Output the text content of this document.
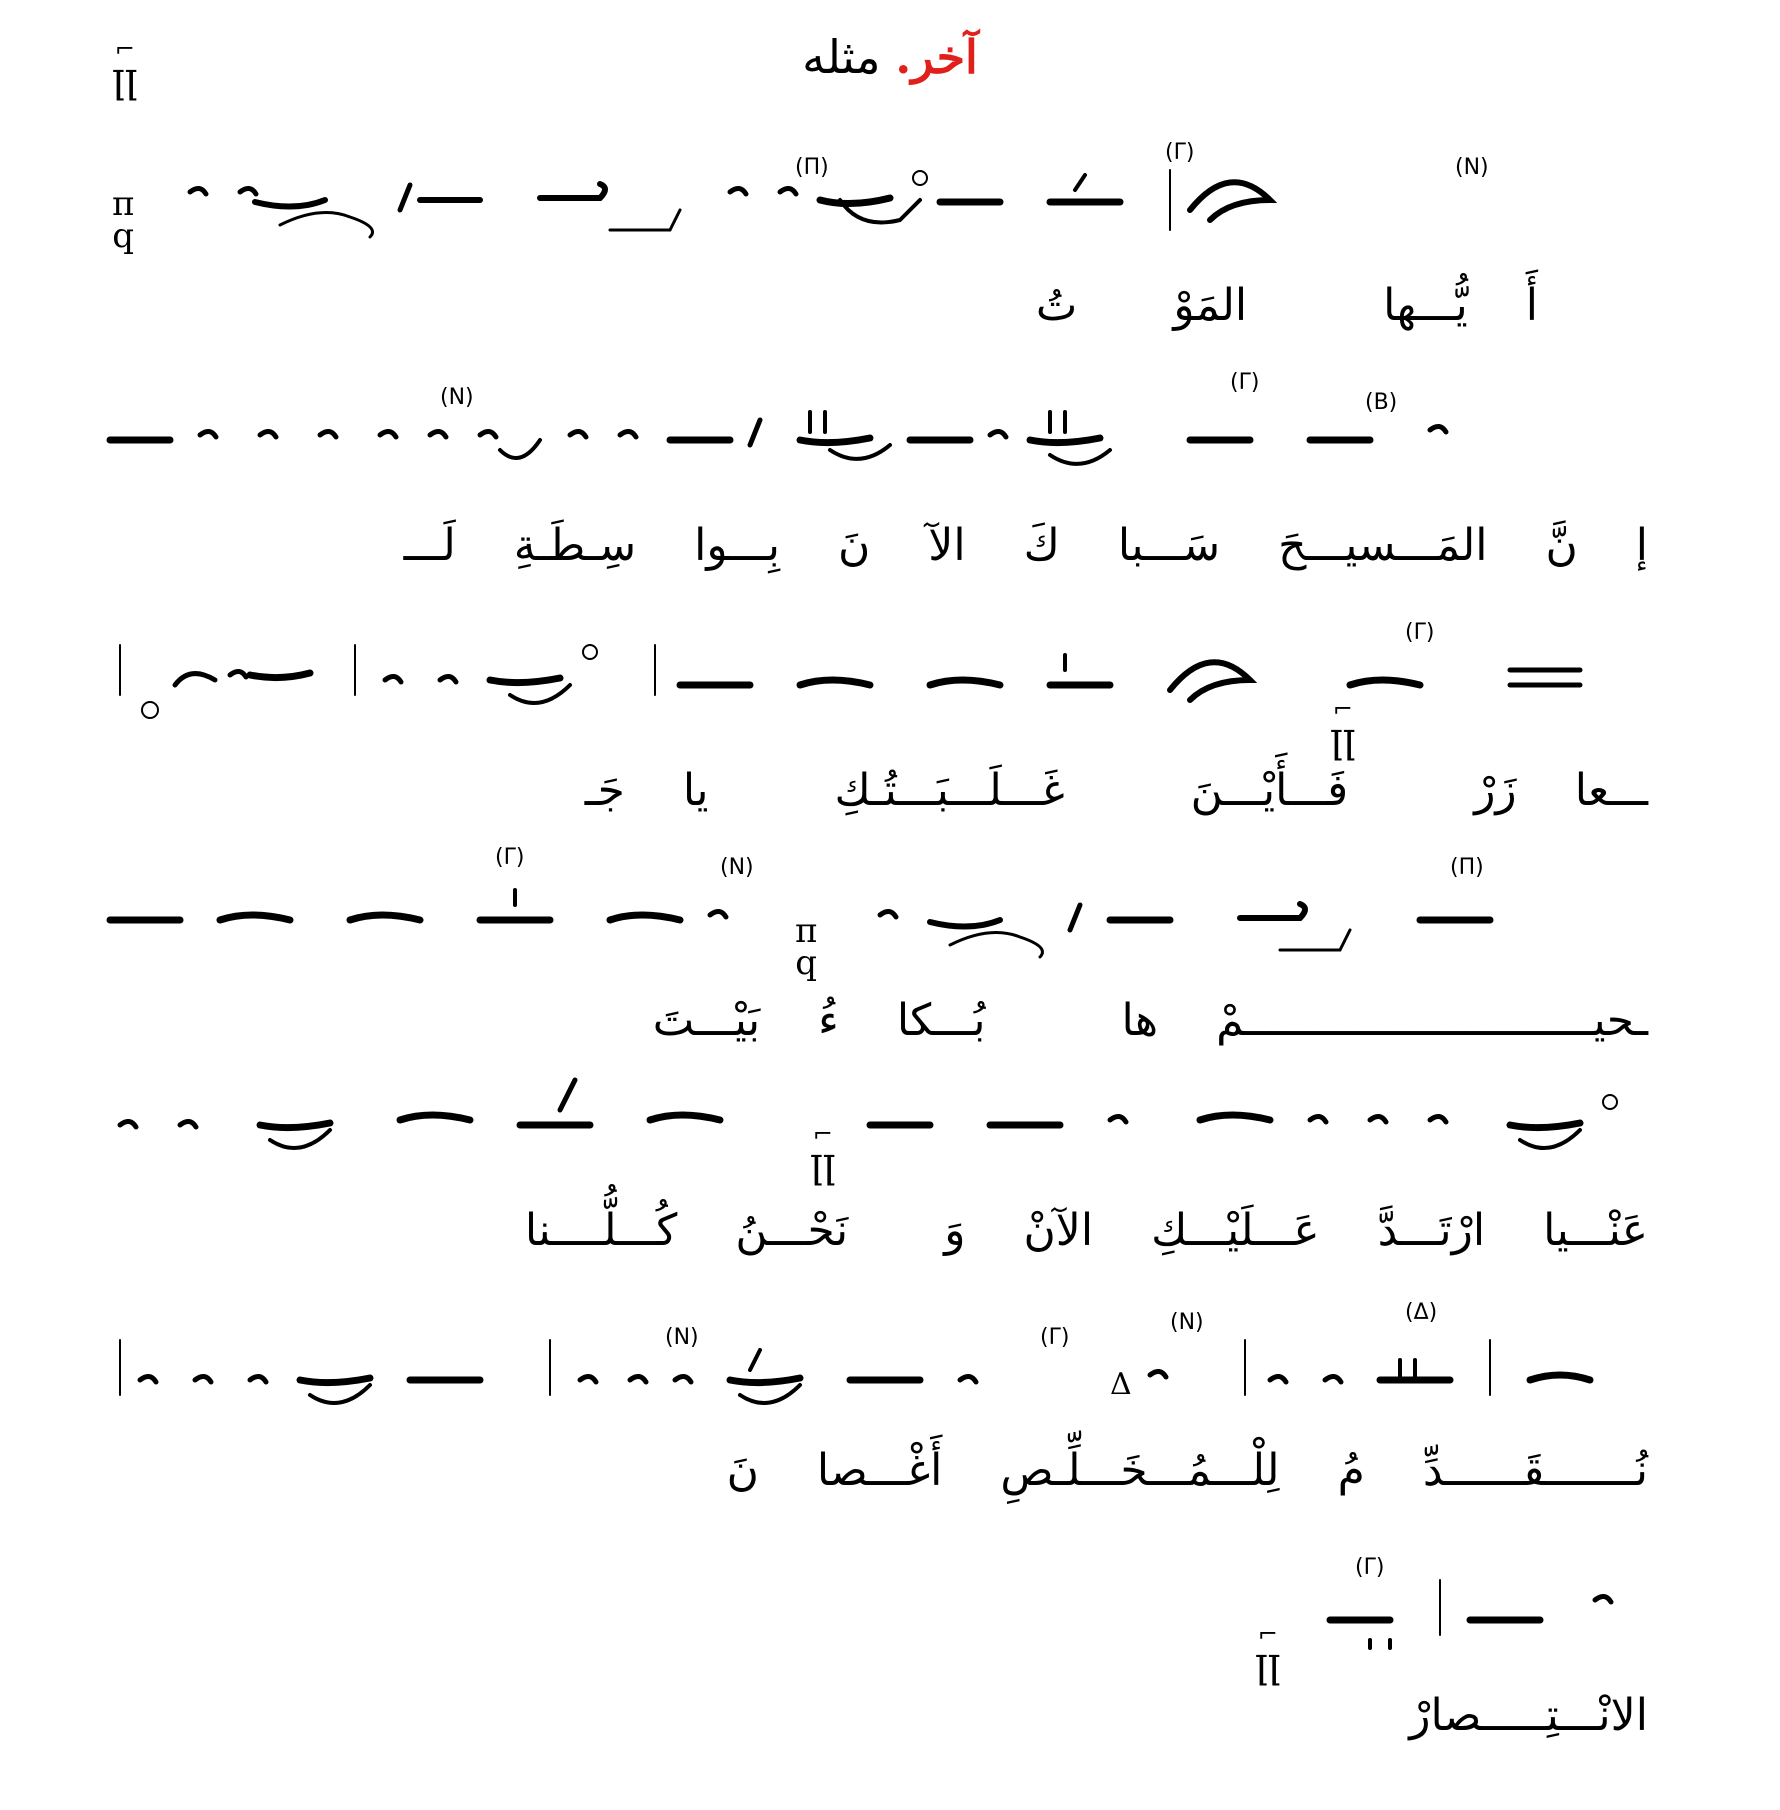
آخر. مثله
⌐
ꞁꞁ
π
q
(Π)
(Γ)
(N)
أَ يُّـــها المَوْ تُ
(N)
(Γ)
(B)
إ نَّ المَـــسيـــحَ سَـــبا كَ الآ نَ بِـــوا سِـطَـةِ لَـــ
⌐
ꞁꞁ
(Γ)
ـــعا زَرْ فَـــأَيْـــنَ غَـــلَـــبَـــتُـكِ يا جَـ
π
q
(Γ)	(N)	(Π)
ـحيـــــــــــــــــــــــــــمْ ها بُـــكا ءُ بَيْـــتَ
⌐
ꞁꞁ
عَنْـــيا ارْتَـــدَّ عَـــلَيْـــكِ الآنْ وَ نَحْـــنُ كُـــلُّــــنا
Δ
(N)	(Γ)
(N)	(Δ)
نُـــــــقَــــــدِّ مُ لِلْـــمُـــخَـــلِّـصِ أَغْـــصا نَ
⌐
ꞁꞁ
(Γ)
الانْـــتِـــــصارْ
